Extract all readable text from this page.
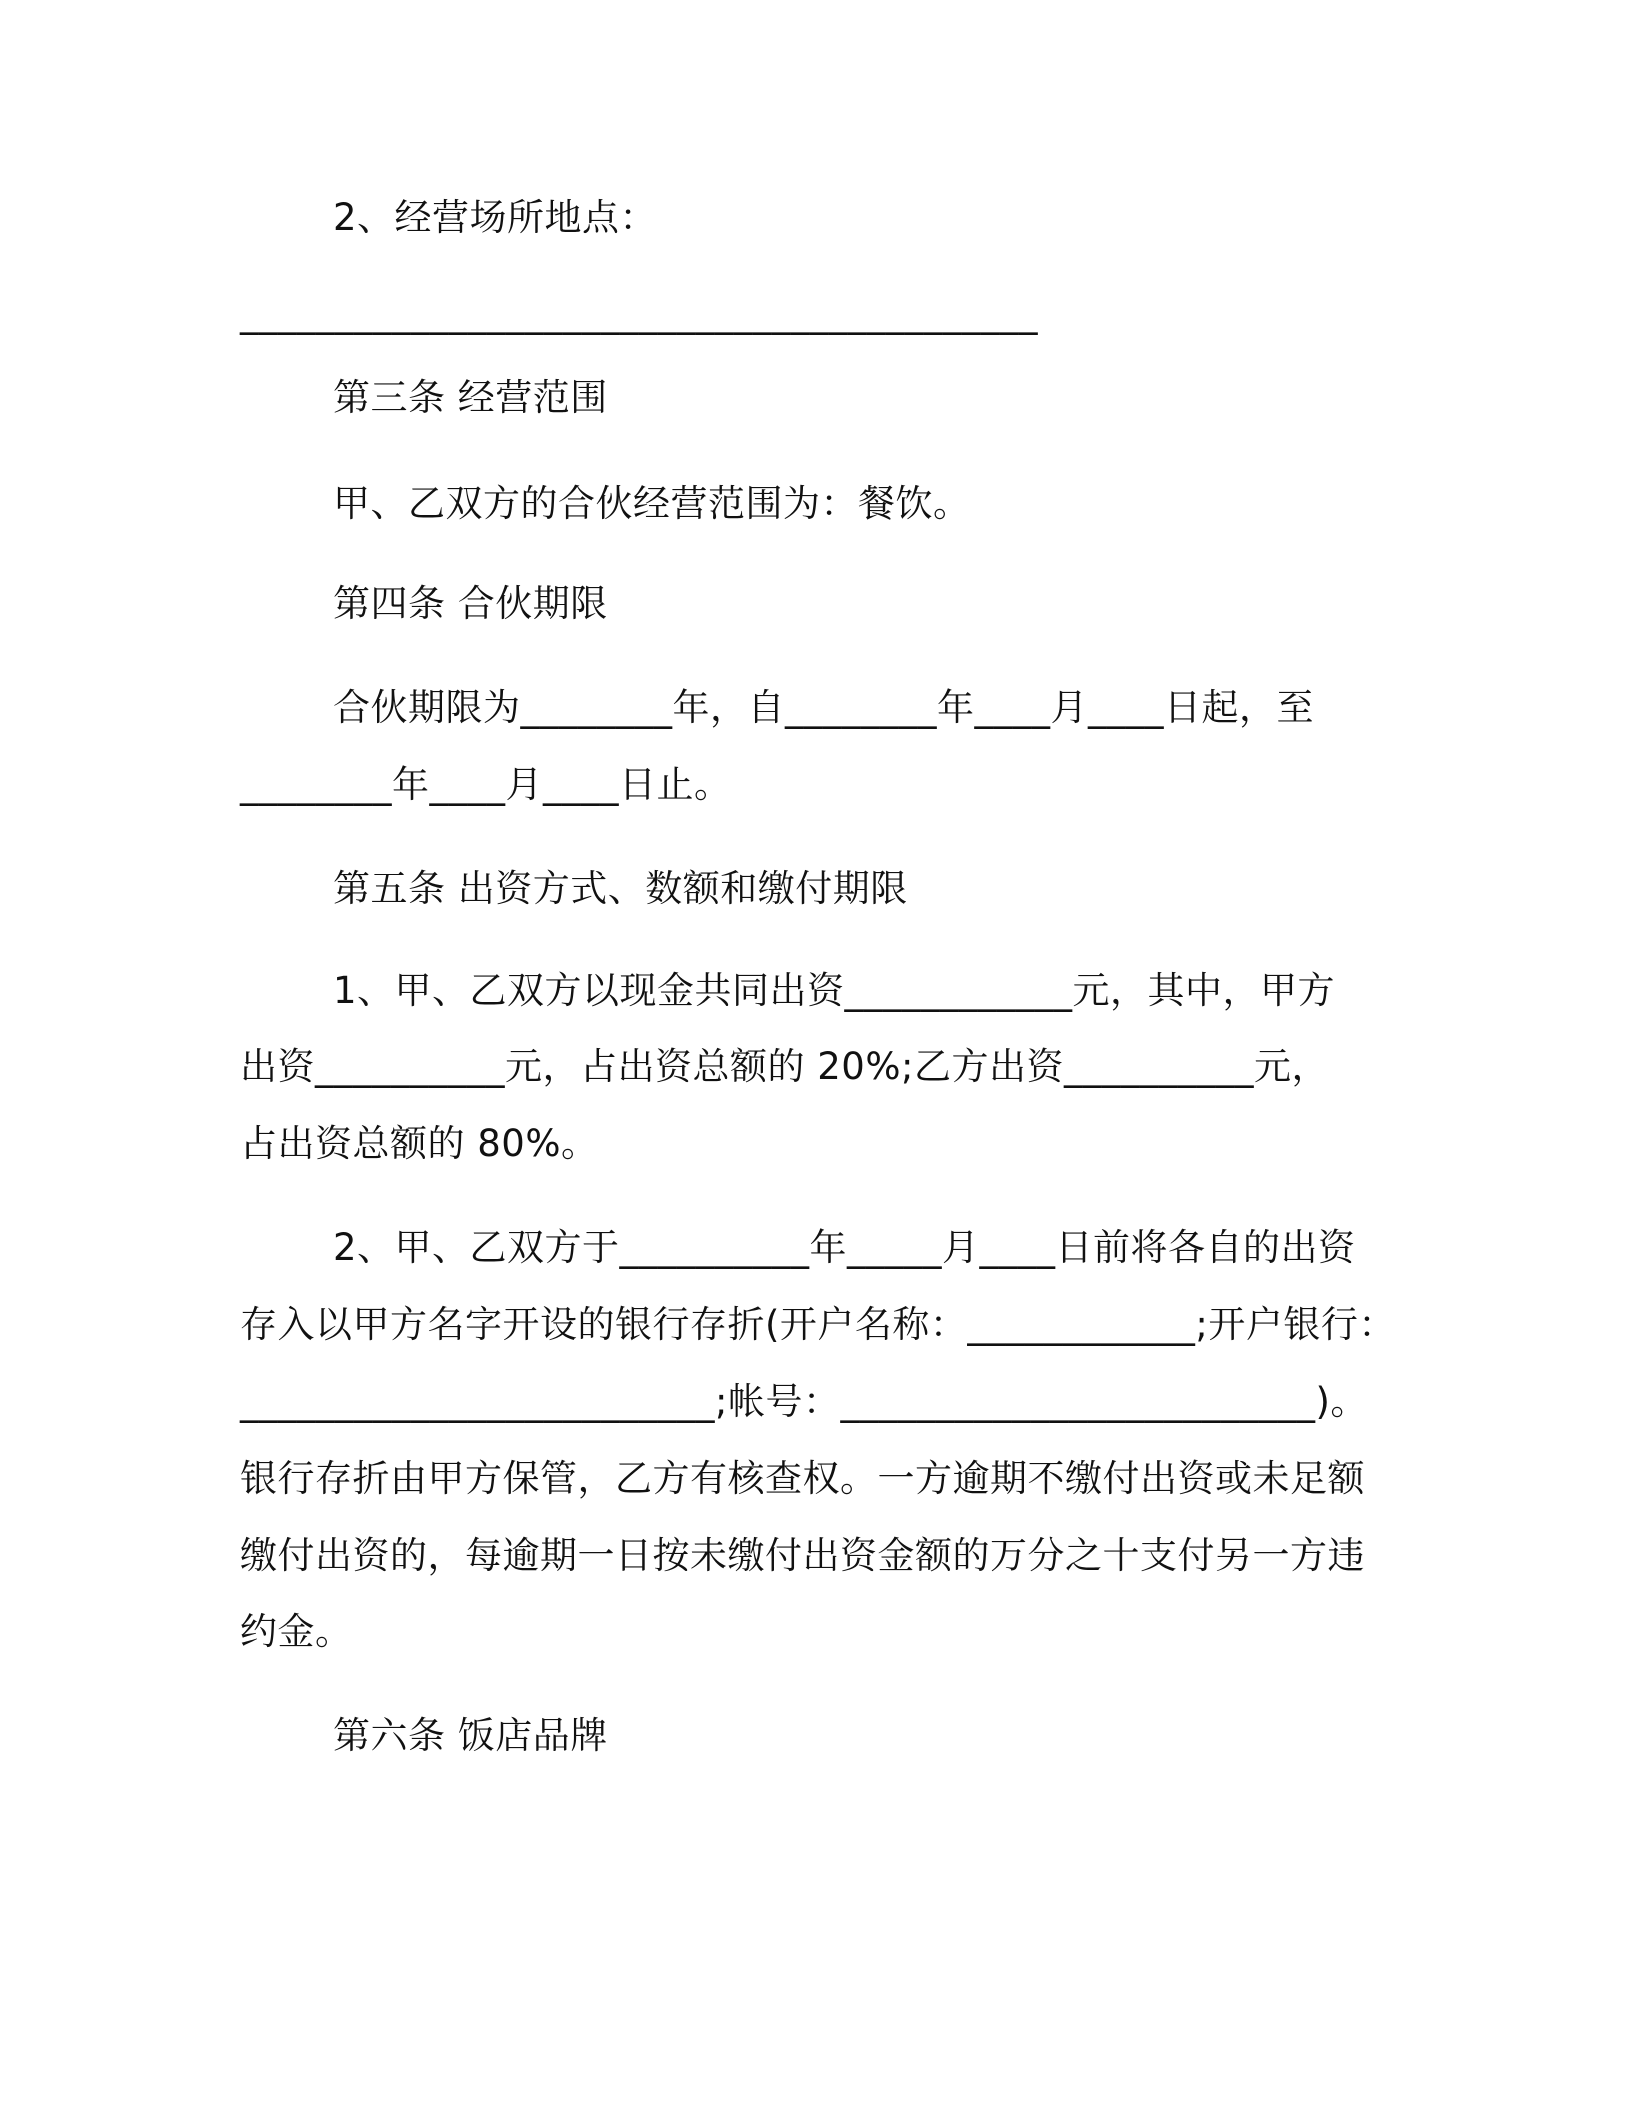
2、经营场所地点：
__________________________________________
第三条 经营范围
甲、乙双方的合伙经营范围为：餐饮。
第四条 合伙期限
合伙期限为________年，自________年____月____日起，至
________年____月____日止。
第五条 出资方式、数额和缴付期限
1、甲、乙双方以现金共同出资____________元，其中，甲方
出资__________元，占出资总额的 20%;乙方出资__________元，
占出资总额的 80%。
2、甲、乙双方于__________年_____月____日前将各自的出资
存入以甲方名字开设的银行存折(开户名称：____________;开户银行：
_________________________;帐号：_________________________)。
银行存折由甲方保管，乙方有核查权。一方逾期不缴付出资或未足额
缴付出资的，每逾期一日按未缴付出资金额的万分之十支付另一方违
约金。
第六条 饭店品牌
